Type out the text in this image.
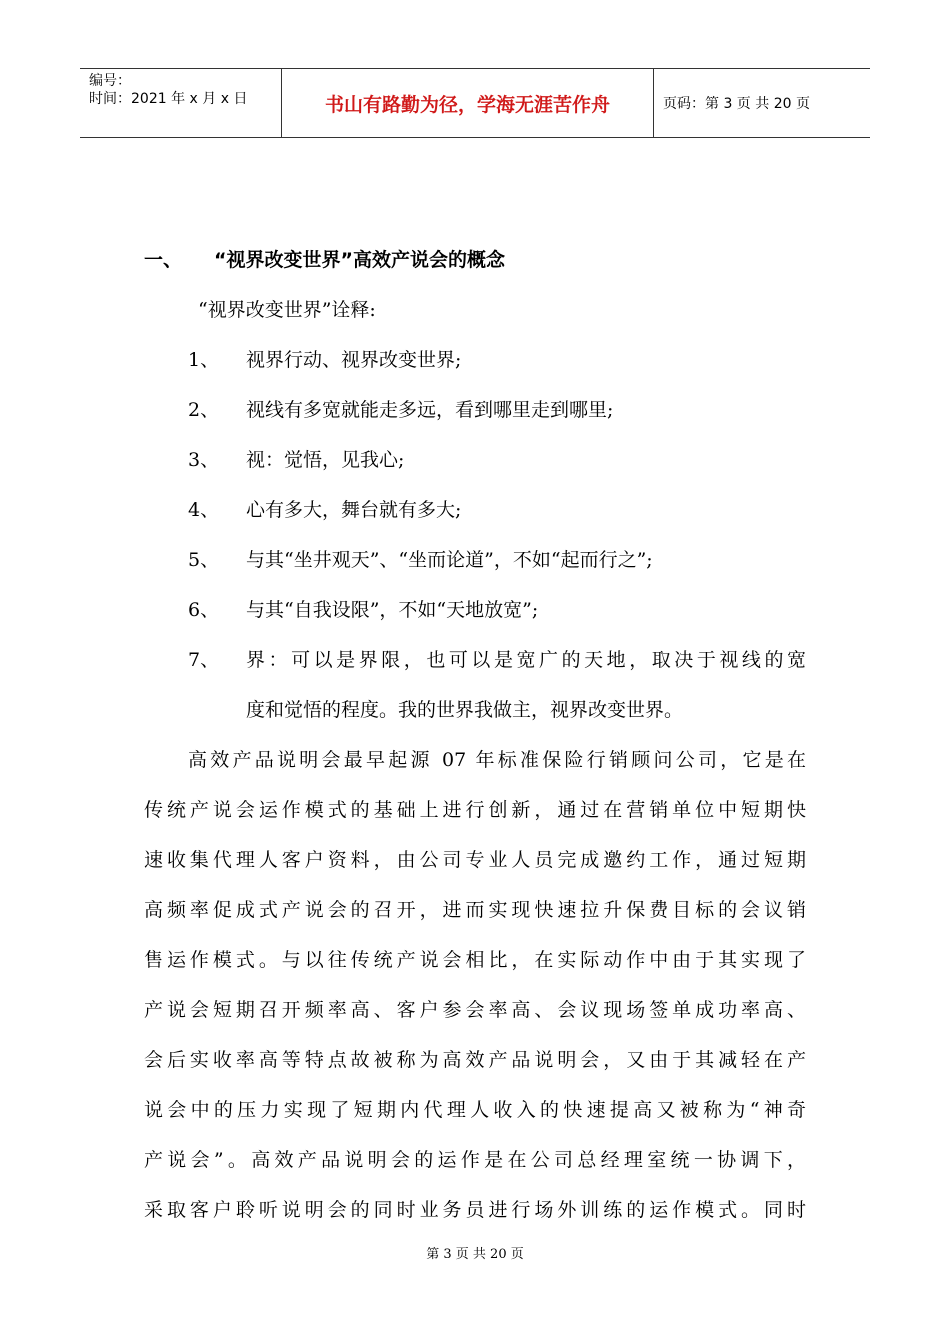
编号：
时间：2021 年 x 月 x 日	书山有路勤为径，学海无涯苦作舟	页码：第 3 页 共 20 页
一、 “视界改变世界”高效产说会的概念
“视界改变世界”诠释:
1、 视界行动、视界改变世界;
2、 视线有多宽就能走多远，看到哪里走到哪里;
3、 视：觉悟，见我心;
4、 心有多大，舞台就有多大;
5、 与其“坐井观天”、“坐而论道”，不如“起而行之”;
6、 与其“自我设限”，不如“天地放宽”;
7、 界：可以是界限，也可以是宽广的天地，取决于视线的宽
度和觉悟的程度。我的世界我做主，视界改变世界。
高效产品说明会最早起源 07 年标准保险行销顾问公司，它是在
传统产说会运作模式的基础上进行创新，通过在营销单位中短期快
速收集代理人客户资料，由公司专业人员完成邀约工作，通过短期
高频率促成式产说会的召开，进而实现快速拉升保费目标的会议销
售运作模式。与以往传统产说会相比，在实际动作中由于其实现了
产说会短期召开频率高、客户参会率高、会议现场签单成功率高、
会后实收率高等特点故被称为高效产品说明会，又由于其减轻在产
说会中的压力实现了短期内代理人收入的快速提高又被称为“神奇
产说会”。高效产品说明会的运作是在公司总经理室统一协调下，
采取客户聆听说明会的同时业务员进行场外训练的运作模式。同时
第 3 页 共 20 页
